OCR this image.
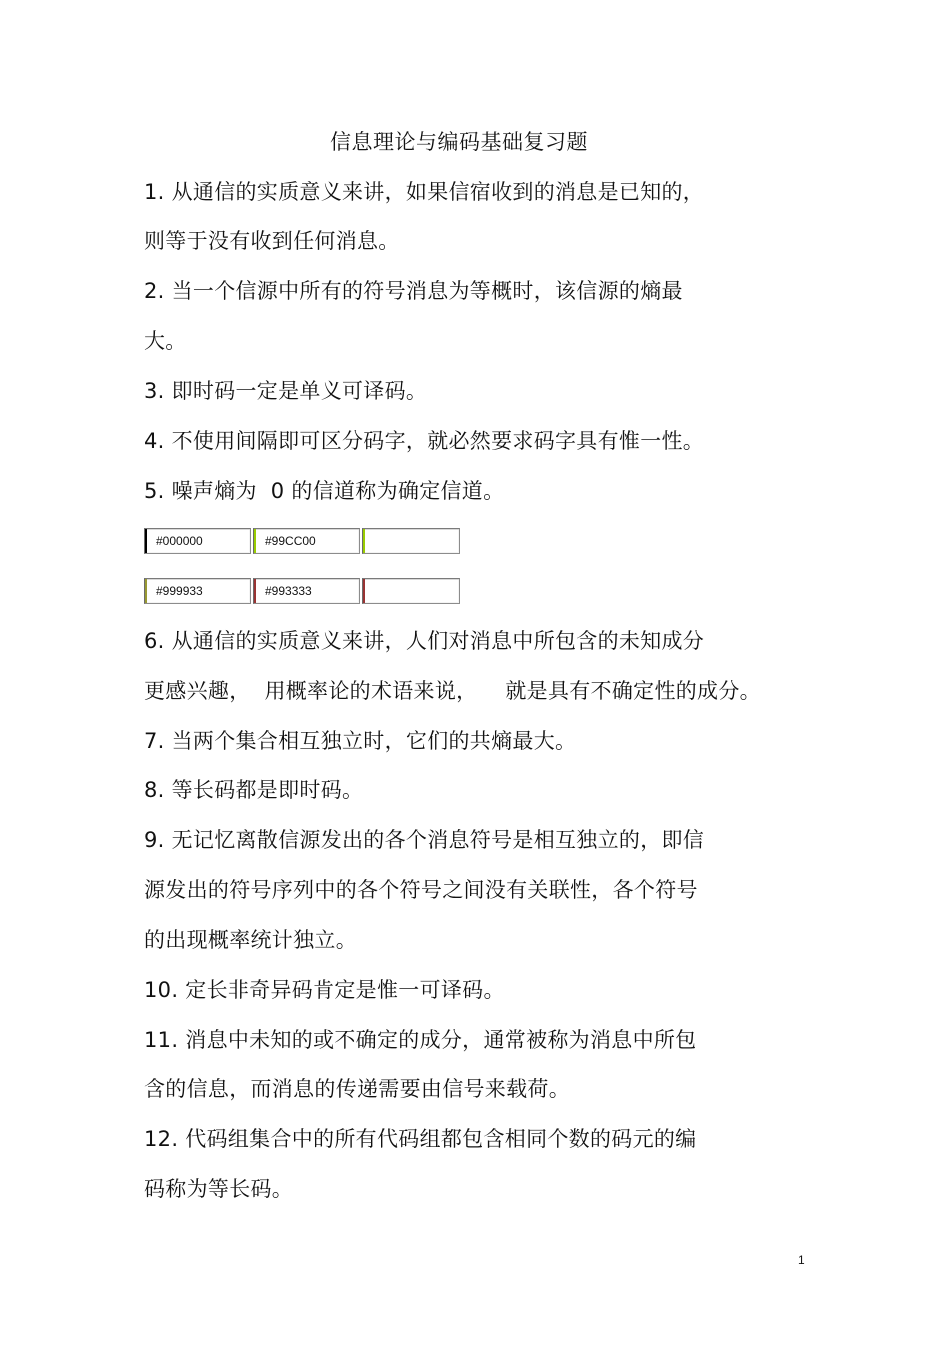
信息理论与编码基础复习题
1. 从通信的实质意义来讲，如果信宿收到的消息是已知的，
则等于没有收到任何消息。
2. 当一个信源中所有的符号消息为等概时，该信源的熵最
大。
3. 即时码一定是单义可译码。
4. 不使用间隔即可区分码字，就必然要求码字具有惟一性。
5. 噪声熵为  0 的信道称为确定信道。
#000000	#99CC00
#999933	#993333
6. 从通信的实质意义来讲，人们对消息中所包含的未知成分
更感兴趣，  用概率论的术语来说，    就是具有不确定性的成分。
7. 当两个集合相互独立时，它们的共熵最大。
8. 等长码都是即时码。
9. 无记忆离散信源发出的各个消息符号是相互独立的，即信
源发出的符号序列中的各个符号之间没有关联性，各个符号
的出现概率统计独立。
10. 定长非奇异码肯定是惟一可译码。
11. 消息中未知的或不确定的成分，通常被称为消息中所包
含的信息，而消息的传递需要由信号来载荷。
12. 代码组集合中的所有代码组都包含相同个数的码元的编
码称为等长码。
1
